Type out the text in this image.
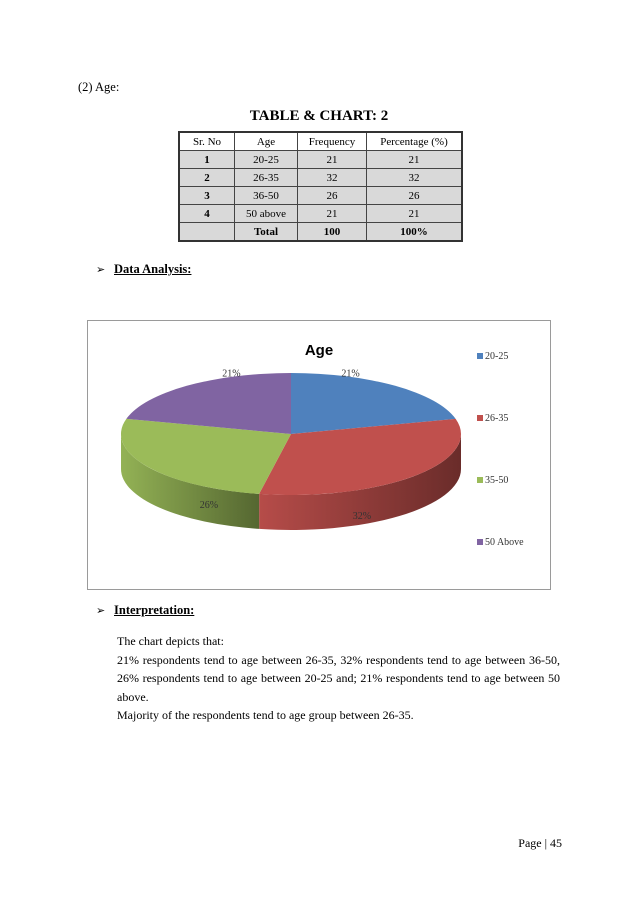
(2) Age:
TABLE & CHART: 2
Sr. No	Age	Frequency	Percentage (%)
1	20-25	21	21
2	26-35	32	32
3	36-50	26	26
4	50 above	21	21
	Total	100	100%
➢ Data Analysis:
21%
32%
26%
21%
Age	20-25
26-35
35-50
50 Above
➢ Interpretation:

The chart depicts that:

21% respondents tend to age between 26-35, 32% respondents tend to age between 36-50, 26% respondents tend to age between 20-25 and; 21% respondents tend to age between 50 above.

Majority of the respondents tend to age group between 26-35.

Page | 45
